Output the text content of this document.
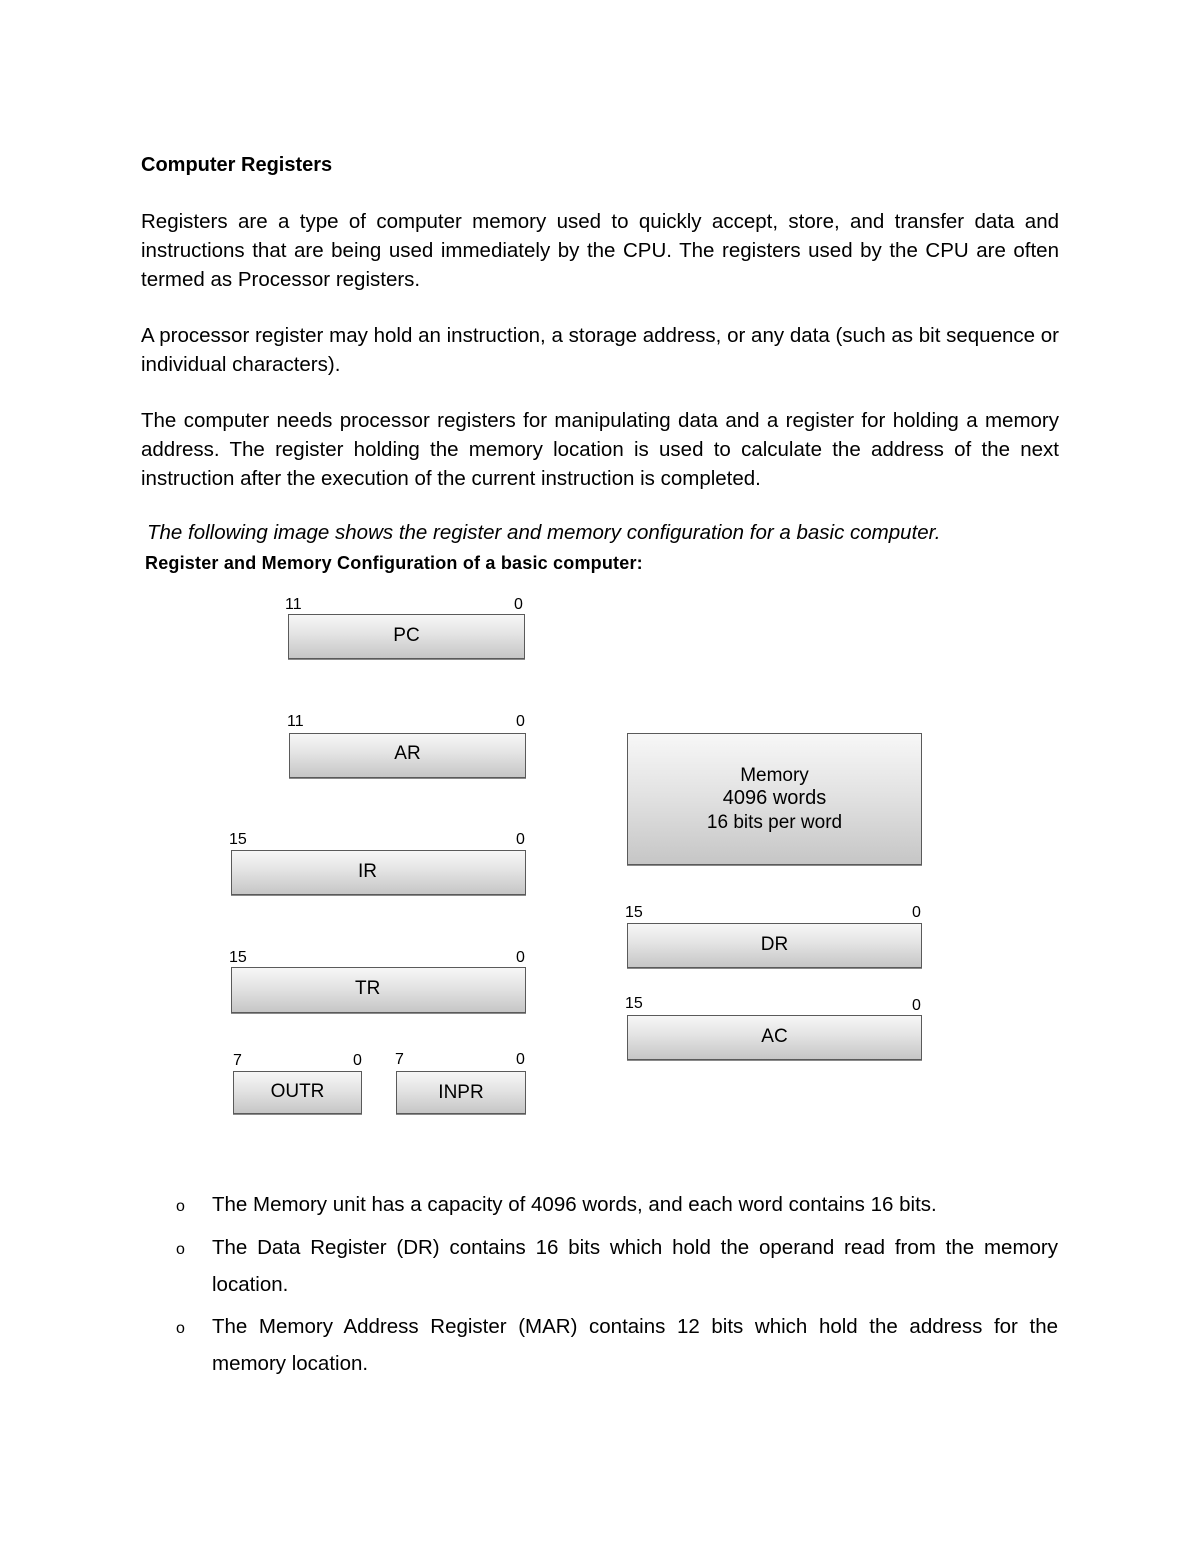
Computer Registers

Registers are a type of computer memory used to quickly accept, store, and transfer data and instructions that are being used immediately by the CPU. The registers used by the CPU are often termed as Processor registers.

A processor register may hold an instruction, a storage address, or any data (such as bit sequence or individual characters).

The computer needs processor registers for manipulating data and a register for holding a memory address. The register holding the memory location is used to calculate the address of the next instruction after the execution of the current instruction is completed.

The following image shows the register and memory configuration for a basic computer.

Register and Memory Configuration of a basic computer:

11	0
PC
11	0
AR
15	0
IR
15	0
TR
7	0
OUTR
7	0
INPR
Memory
4096 words
16 bits per word
15	0
DR
15	0
AC
o The Memory unit has a capacity of 4096 words, and each word contains 16 bits.
o The Data Register (DR) contains 16 bits which hold the operand read from the memory location.
o The Memory Address Register (MAR) contains 12 bits which hold the address for the memory location.
